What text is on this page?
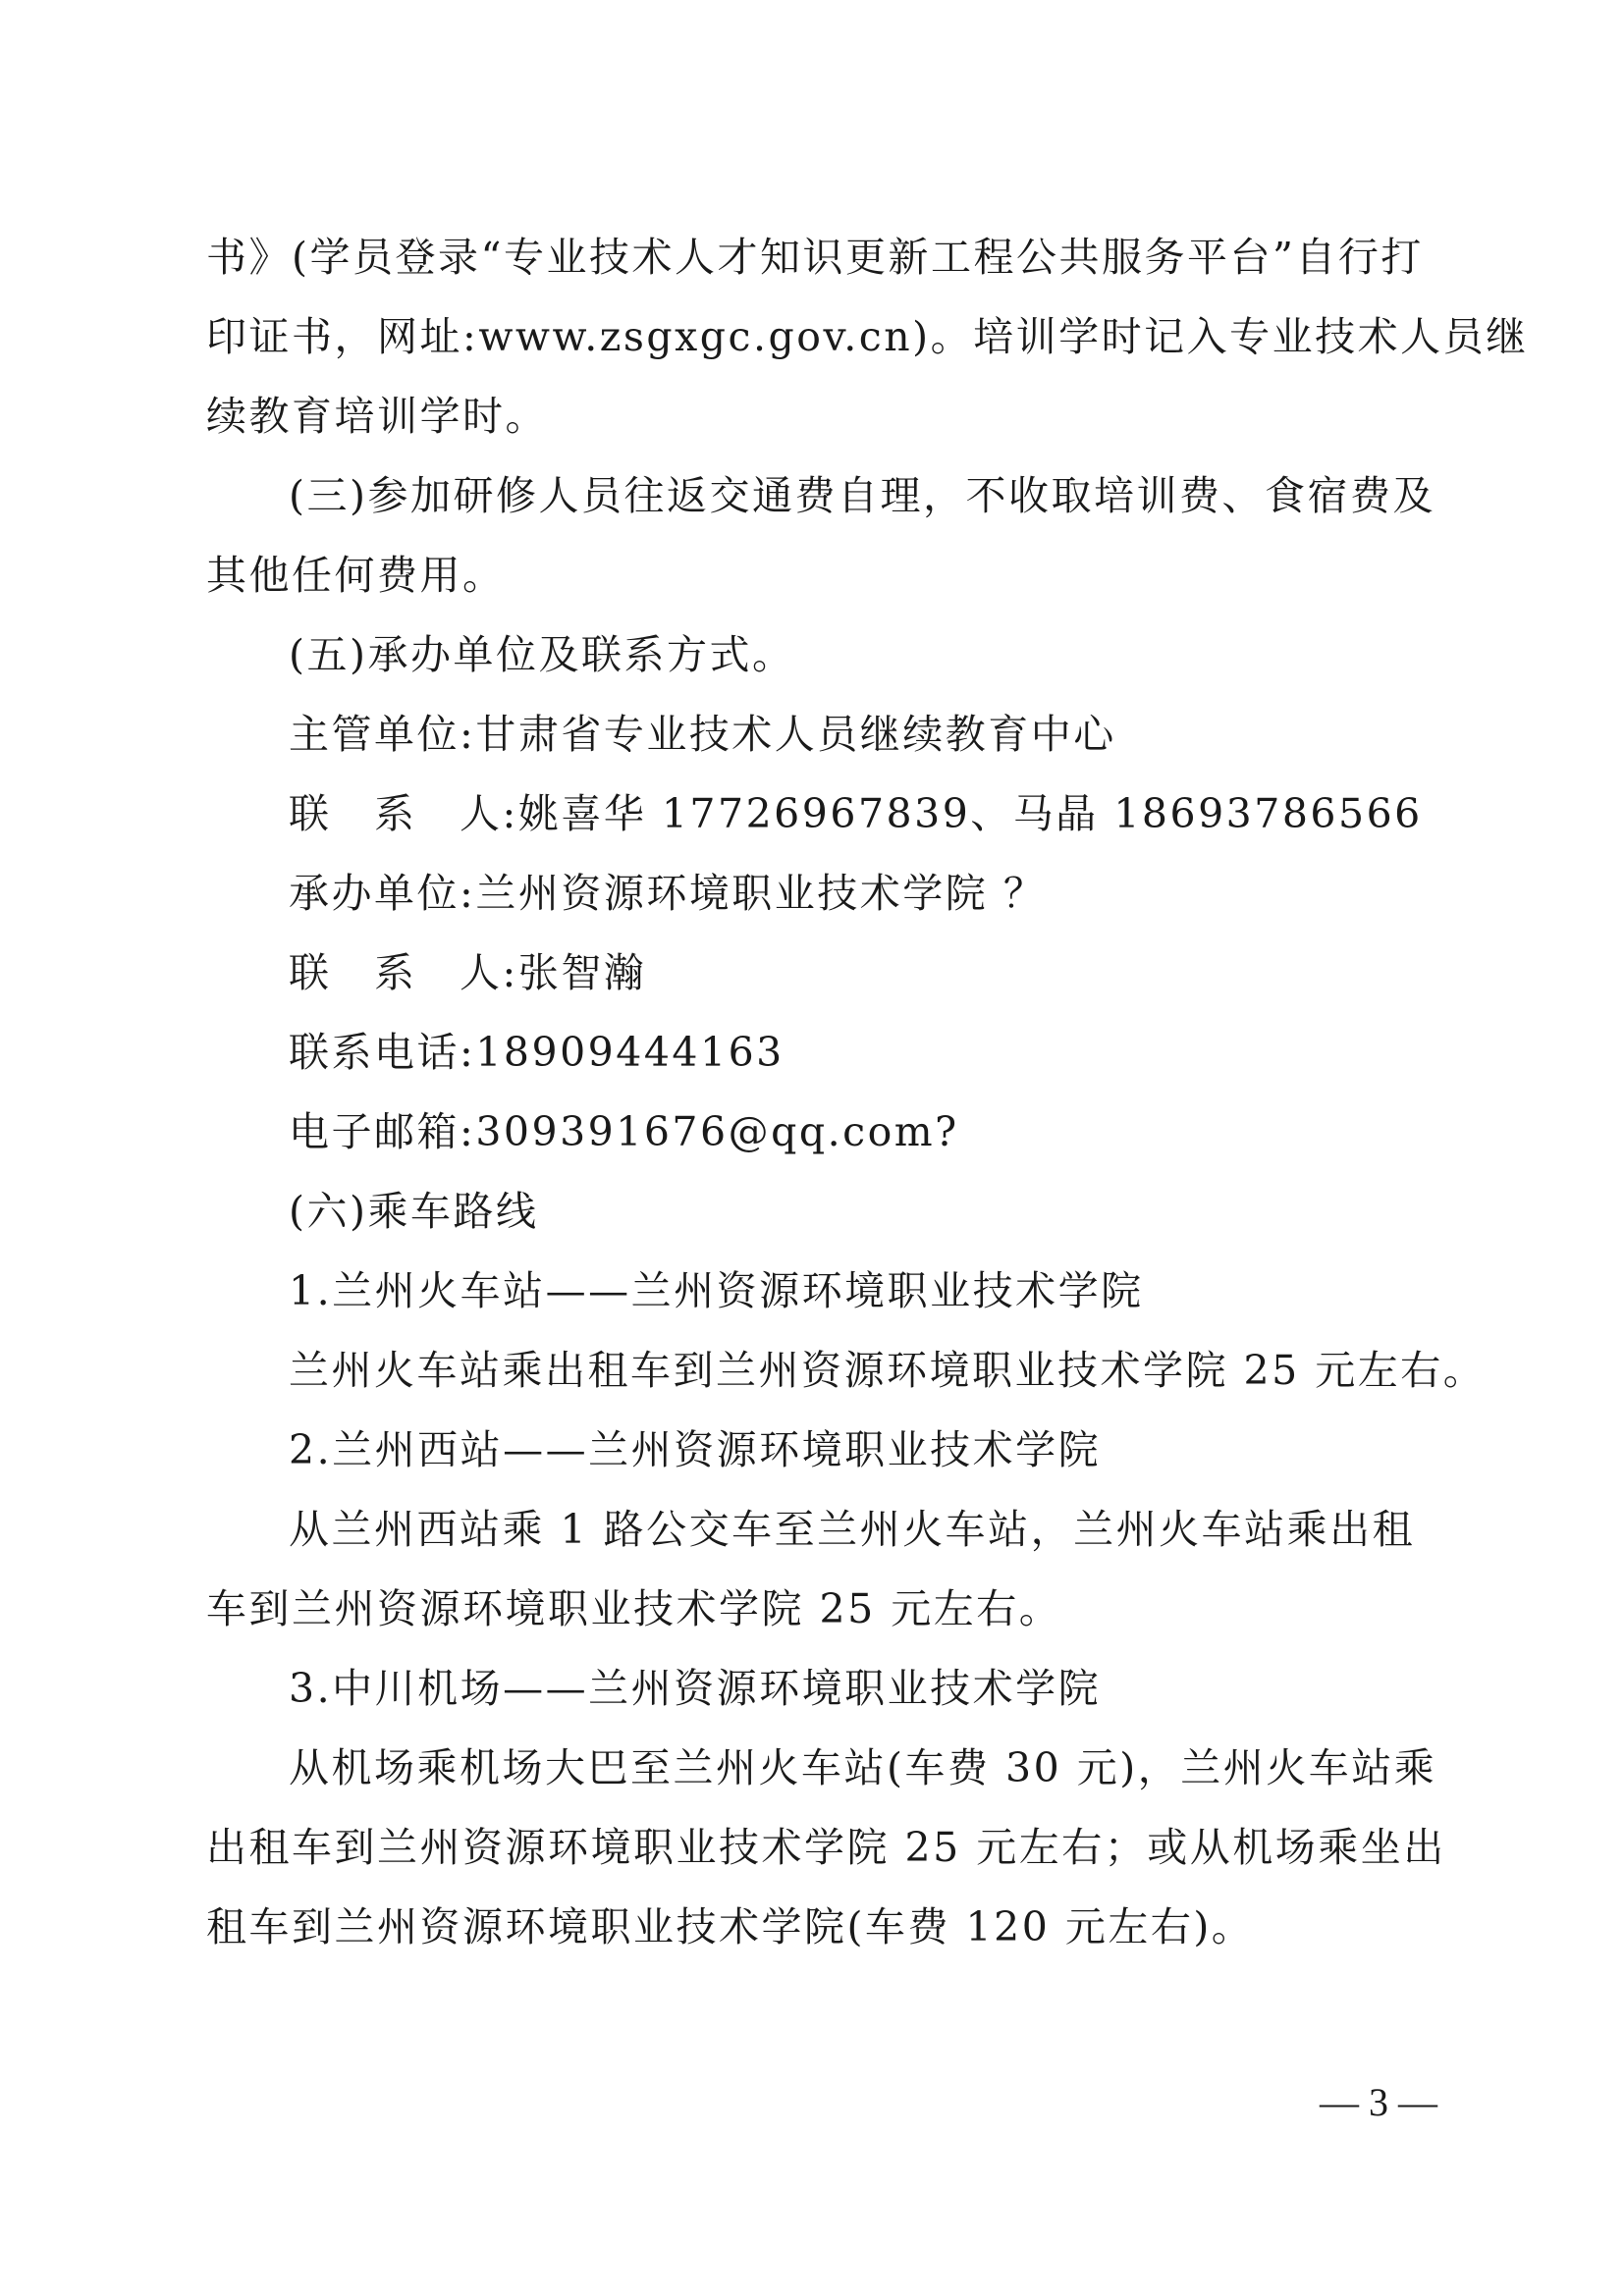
书》(学员登录“专业技术人才知识更新工程公共服务平台”自行打
印证书，网址:www.zsgxgc.gov.cn)。培训学时记入专业技术人员继
续教育培训学时。
(三)参加研修人员往返交通费自理，不收取培训费、食宿费及
其他任何费用。
(五)承办单位及联系方式。
主管单位:甘肃省专业技术人员继续教育中心
联　系　人:姚喜华 17726967839、马晶 18693786566
承办单位:兰州资源环境职业技术学院 ？
联　系　人:张智瀚
联系电话:18909444163
电子邮箱:309391676@qq.com?
(六)乘车路线
1.兰州火车站——兰州资源环境职业技术学院
兰州火车站乘出租车到兰州资源环境职业技术学院 25 元左右。
2.兰州西站——兰州资源环境职业技术学院
从兰州西站乘 1 路公交车至兰州火车站，兰州火车站乘出租
车到兰州资源环境职业技术学院 25 元左右。
3.中川机场——兰州资源环境职业技术学院
从机场乘机场大巴至兰州火车站(车费 30 元)，兰州火车站乘
出租车到兰州资源环境职业技术学院 25 元左右；或从机场乘坐出
租车到兰州资源环境职业技术学院(车费 120 元左右)。
— 3 —
